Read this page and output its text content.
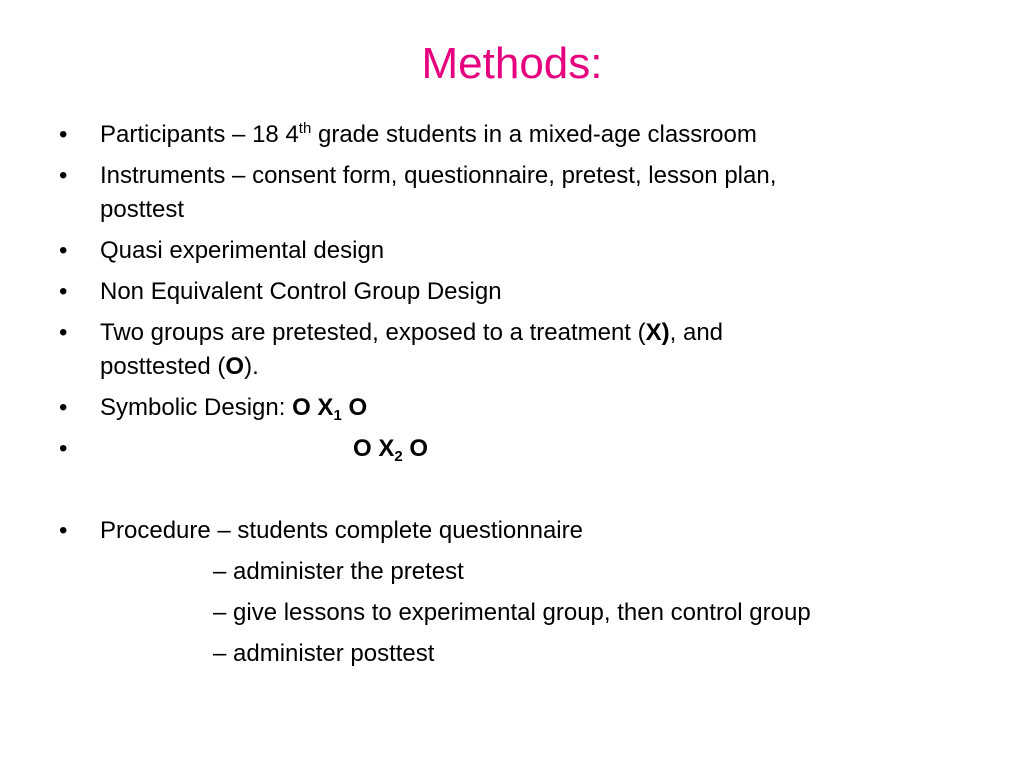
Methods:
• Participants – 18 4th grade students in a mixed-age classroom
• Instruments – consent form, questionnaire, pretest, lesson plan,
posttest
• Quasi experimental design
• Non Equivalent Control Group Design
• Two groups are pretested, exposed to a treatment (X), and
posttested (O).
• Symbolic Design: O $X_1$ O
•	O $X_2$ O
• Procedure – students complete questionnaire
– administer the pretest
– give lessons to experimental group, then control group
– administer posttest
